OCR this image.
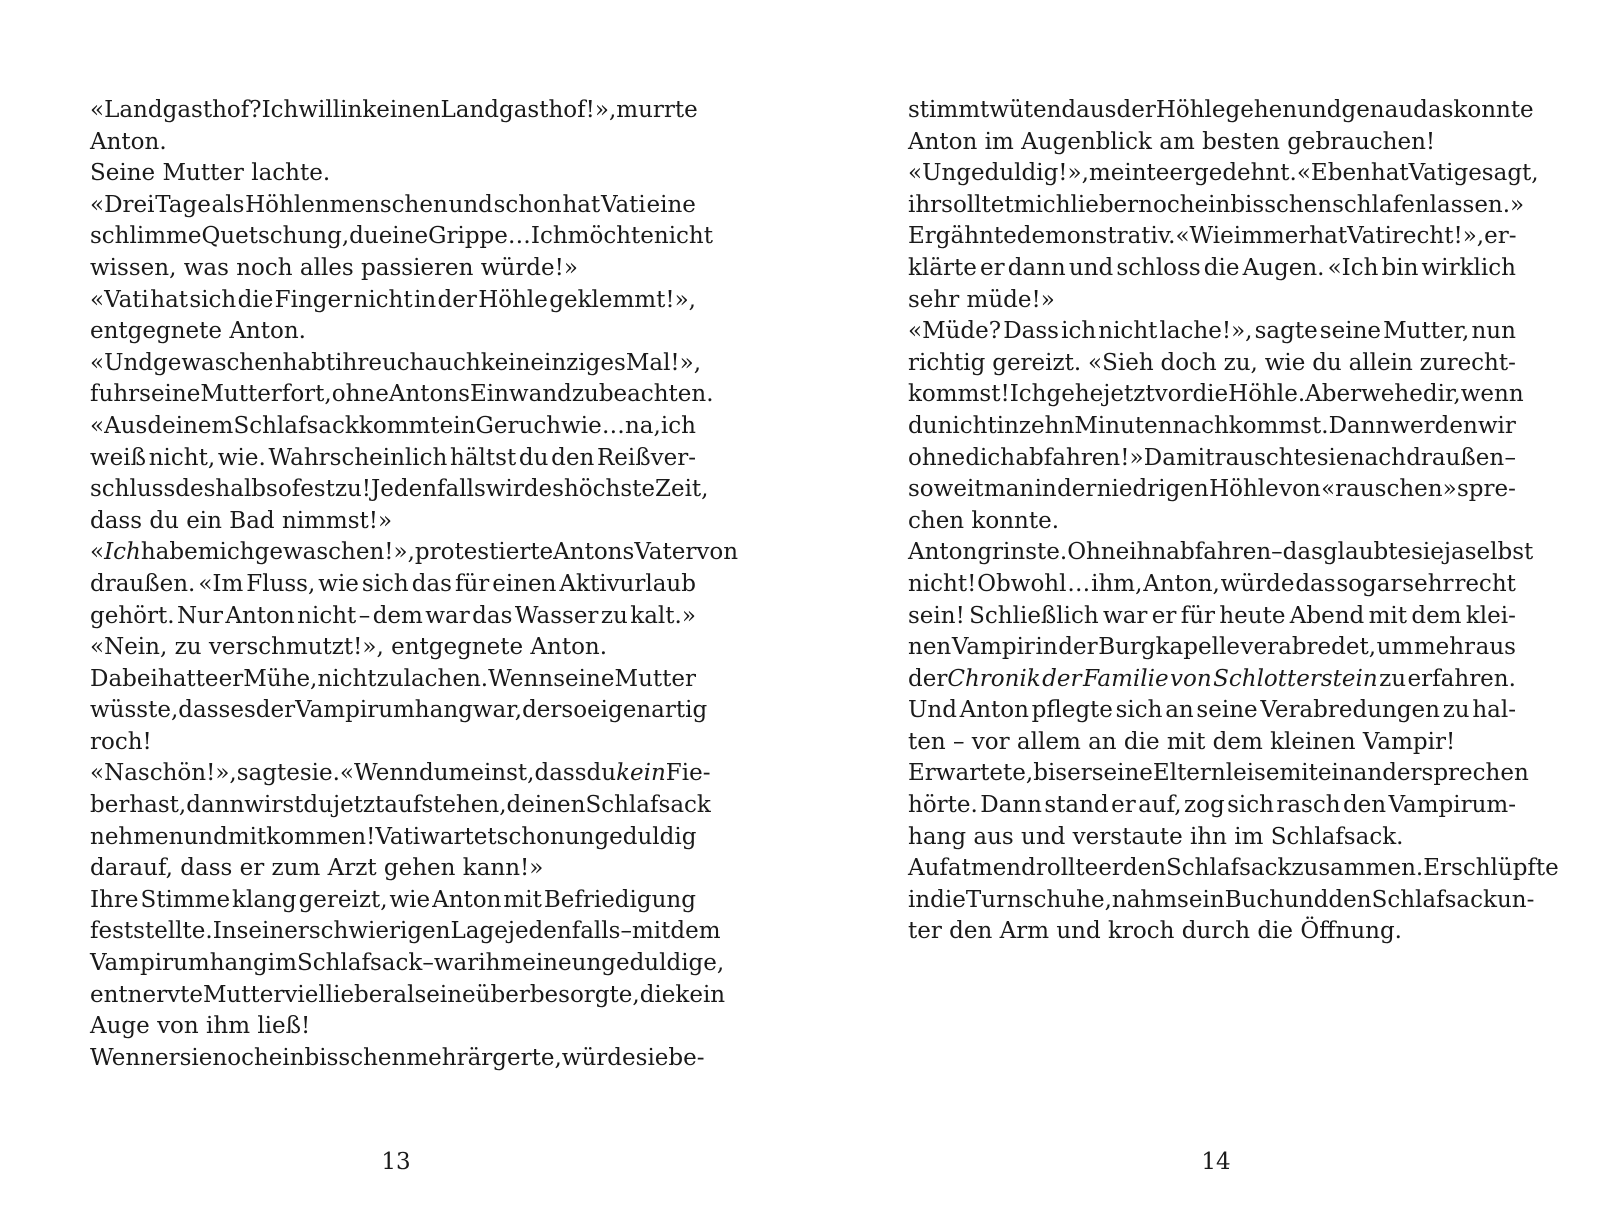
«Landgasthof? Ich will in keinen Landgasthof!», murrte
Anton.
Seine Mutter lachte.
«Drei Tage als Höhlenmenschen und schon hat Vati eine
schlimme Quetschung, du eine Grippe … Ich möchte nicht
wissen, was noch alles passieren würde!»
«Vati hat sich die Finger nicht in der Höhle geklemmt!»,
entgegnete Anton.
«Und gewaschen habt ihr euch auch kein einziges Mal!»,
fuhr seine Mutter fort, ohne Antons Einwand zu beachten.
«Aus deinem Schlafsack kommt ein Geruch wie … na, ich
weiß nicht, wie. Wahrscheinlich hältst du den Reißver-
schluss deshalb so fest zu! Jedenfalls wird es höchste Zeit,
dass du ein Bad nimmst!»
«Ich habe mich gewaschen!», protestierte Antons Vater von
draußen. «Im Fluss, wie sich das für einen Aktivurlaub
gehört. Nur Anton nicht – dem war das Wasser zu kalt.»
«Nein, zu verschmutzt!», entgegnete Anton.
Dabei hatte er Mühe, nicht zu lachen. Wenn seine Mutter
wüsste, dass es der Vampirumhang war, der so eigenartig
roch!
«Na schön!», sagte sie. «Wenn du meinst, dass dukein Fie-
ber hast, dann wirst du jetzt aufstehen, deinen Schlafsack
nehmen und mitkommen! Vati wartet schon ungeduldig
darauf, dass er zum Arzt gehen kann!»
Ihre Stimme klang gereizt, wie Anton mit Befriedigung
feststellte. In seiner schwierigen Lage jedenfalls – mit dem
Vampirumhang im Schlafsack – war ihm eine ungeduldige,
entnervte Mutter viel lieber als eine überbesorgte, die kein
Auge von ihm ließ!
Wenn er sie noch ein bisschen mehr ärgerte, würde sie be-
stimmt wütend aus der Höhle gehen und genau das konnte
Anton im Augenblick am besten gebrauchen!
«Ungeduldig!», meinte er gedehnt. «Eben hat Vati gesagt,
ihr solltet mich lieber noch ein bisschen schlafen lassen.»
Er gähnte demonstrativ. «Wie immer hat Vati recht!», er-
klärte er dann und schloss die Augen. «Ich bin wirklich
sehr müde!»
«Müde? Dass ich nicht lache!», sagte seine Mutter, nun
richtig gereizt. «Sieh doch zu, wie du allein zurecht-
kommst! Ich gehe jetzt vor die Höhle. Aber wehe dir, wenn
du nicht in zehn Minuten nachkommst. Dann werden wir
ohne dich abfahren!» Damit rauschte sie nach draußen –
soweit man in der niedrigen Höhle von «rauschen» spre-
chen konnte.
Anton grinste. Ohne ihn abfahren – das glaubte sie ja selbst
nicht! Obwohl … ihm, Anton, würde das sogar sehr recht
sein! Schließlich war er für heute Abend mit dem klei-
nen Vampir in der Burgkapelle verabredet, um mehr aus
derChronik der Familie von Schlotterstein zu erfahren.
Und Anton pflegte sich an seine Verabredungen zu hal-
ten – vor allem an die mit dem kleinen Vampir!
Er wartete, bis er seine Eltern leise miteinander sprechen
hörte. Dann stand er auf, zog sich rasch den Vampirum-
hang aus und verstaute ihn im Schlafsack.
Aufatmend rollte er den Schlafsack zusammen. Er schlüpfte
in die Turnschuhe, nahm sein Buch und den Schlafsack un-
ter den Arm und kroch durch die Öffnung.
13	14
